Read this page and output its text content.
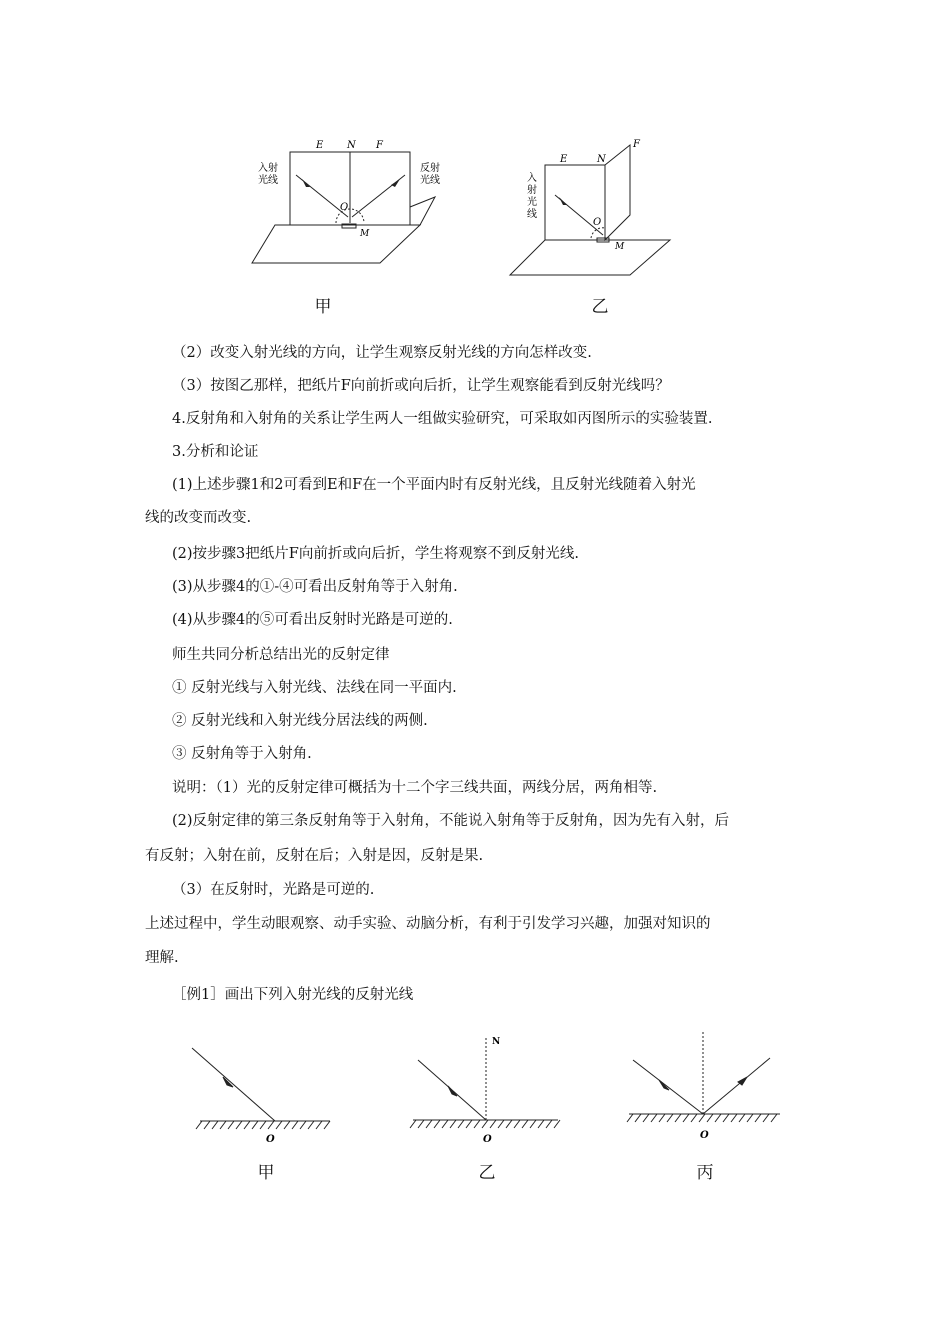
E N F
O
M
入 射
光 线
反 射
光 线
甲
E	N
F
O
M
入
射
光
线
乙
（2）改变入射光线的方向，让学生观察反射光线的方向怎样改变.
（3）按图乙那样，把纸片F向前折或向后折，让学生观察能看到反射光线吗？
4.反射角和入射角的关系让学生两人一组做实验研究，可采取如丙图所示的实验装置.
3.分析和论证
(1)上述步骤1和2可看到E和F在一个平面内时有反射光线，且反射光线随着入射光
线的改变而改变.
(2)按步骤3把纸片F向前折或向后折，学生将观察不到反射光线.
(3)从步骤4的①-④可看出反射角等于入射角.
(4)从步骤4的⑤可看出反射时光路是可逆的.
师生共同分析总结出光的反射定律
① 反射光线与入射光线、法线在同一平面内.
② 反射光线和入射光线分居法线的两侧.
③ 反射角等于入射角.
说明：（1）光的反射定律可概括为十二个字三线共面，两线分居，两角相等.
(2)反射定律的第三条反射角等于入射角，不能说入射角等于反射角，因为先有入射，后
有反射；入射在前，反射在后；入射是因，反射是果.
（3）在反射时，光路是可逆的.
上述过程中，学生动眼观察、动手实验、动脑分析，有利于引发学习兴趣，加强对知识的
理解.
［例1］画出下列入射光线的反射光线
O
甲
N
O
乙
O
丙
